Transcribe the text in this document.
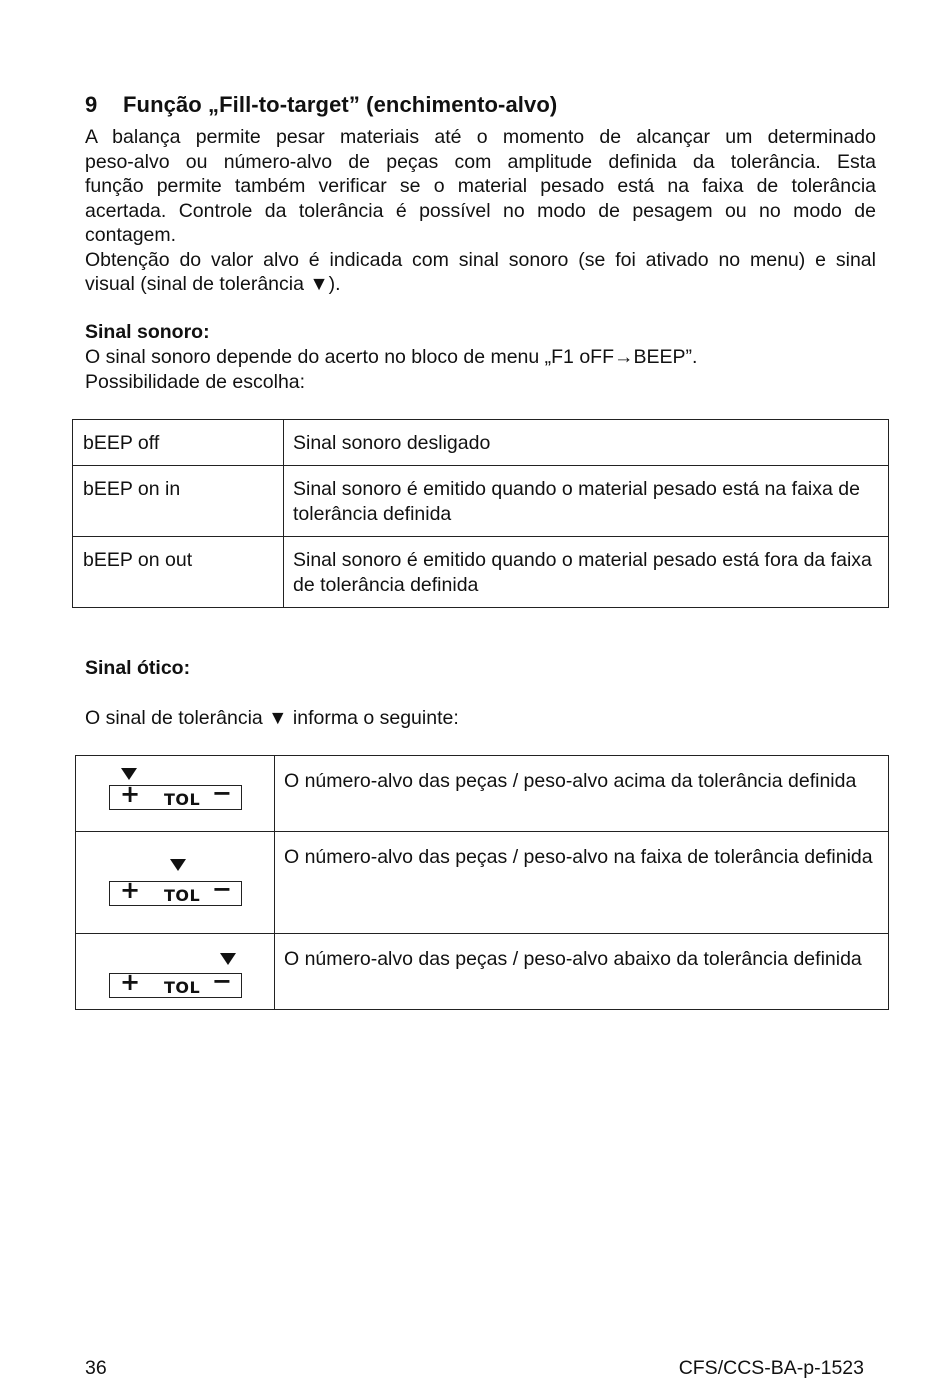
9 Função „Fill-to-target” (enchimento-alvo)
A balança permite pesar materiais até o momento de alcançar um determinado
peso-alvo ou número-alvo de peças com amplitude definida da tolerância. Esta
função permite também verificar se o material pesado está na faixa de tolerância
acertada. Controle da tolerância é possível no modo de pesagem ou no modo de
contagem.
Obtenção do valor alvo é indicada com sinal sonoro (se foi ativado no menu) e sinal
visual (sinal de tolerância ▼).
Sinal sonoro:
O sinal sonoro depende do acerto no bloco de menu „F1 oFF→BEEP”.
Possibilidade de escolha:
bEEP off	Sinal sonoro desligado
bEEP on in	Sinal sonoro é emitido quando o material pesado está na faixa de tolerância definida
bEEP on out	Sinal sonoro é emitido quando o material pesado está fora da faixa de tolerância definida
Sinal ótico:
O sinal de tolerância ▼ informa o seguinte:
+ TOL −	O número-alvo das peças / peso-alvo acima da tolerância definida

+ TOL −	O número-alvo das peças / peso-alvo na faixa de tolerância definida

+ TOL −	O número-alvo das peças / peso-alvo abaixo da tolerância definida
36	CFS/CCS-BA-p-1523
